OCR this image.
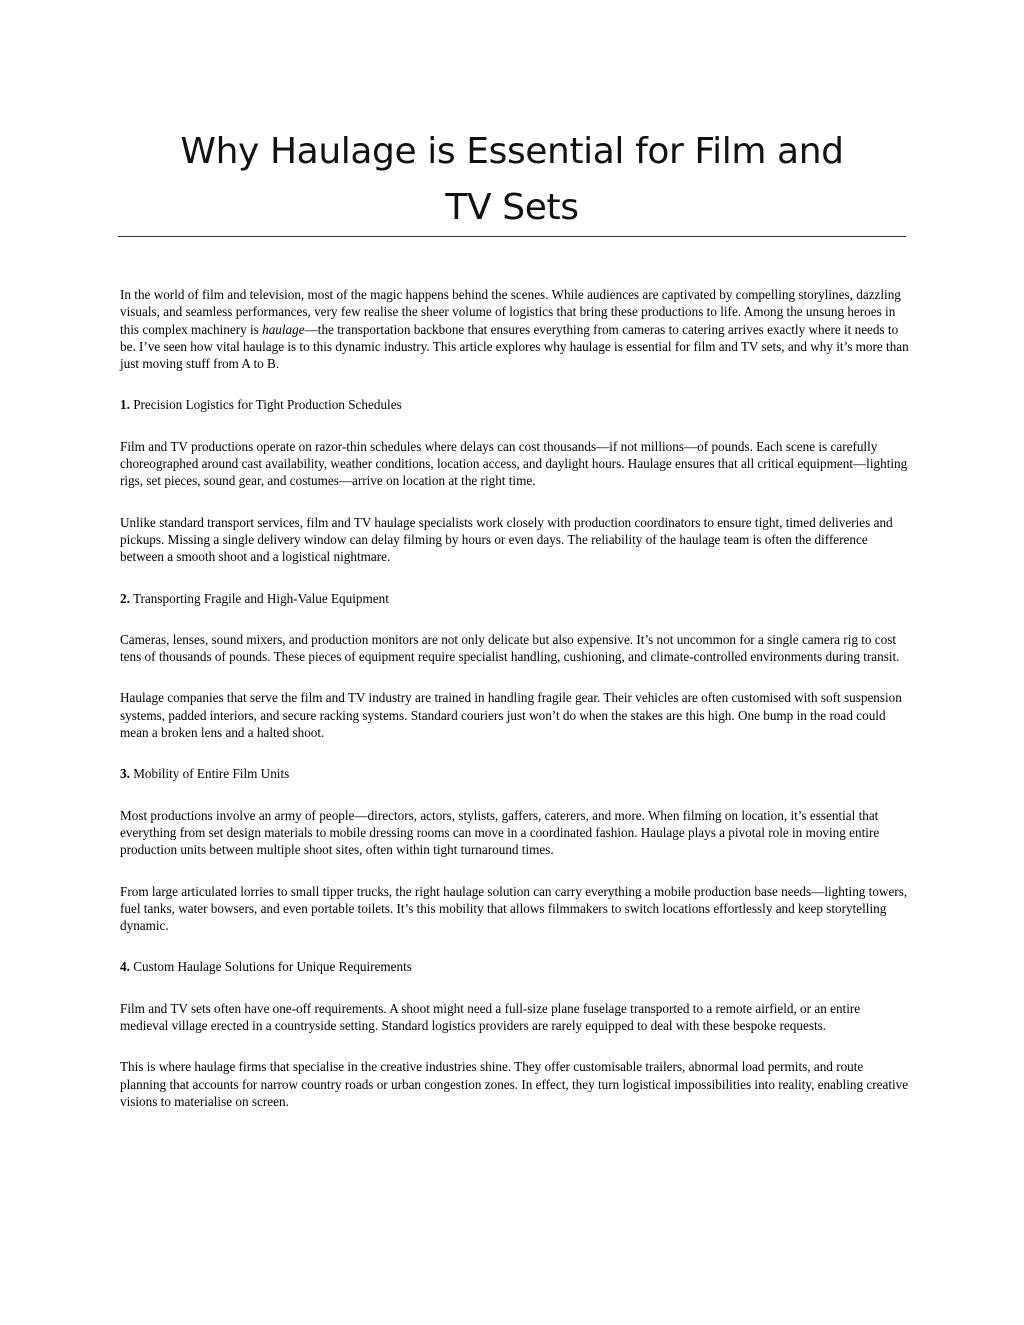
Why Haulage is Essential for Film and
TV Sets

In the world of film and television, most of the magic happens behind the scenes. While audiences are captivated by compelling storylines, dazzling visuals, and seamless performances, very few realise the sheer volume of logistics that bring these productions to life. Among the unsung heroes in this complex machinery is haulage—the transportation backbone that ensures everything from cameras to catering arrives exactly where it needs to be. I’ve seen how vital haulage is to this dynamic industry. This article explores why haulage is essential for film and TV sets, and why it’s more than just moving stuff from A to B.

1. Precision Logistics for Tight Production Schedules

Film and TV productions operate on razor-thin schedules where delays can cost thousands—if not millions—of pounds. Each scene is carefully choreographed around cast availability, weather conditions, location access, and daylight hours. Haulage ensures that all critical equipment—lighting rigs, set pieces, sound gear, and costumes—arrive on location at the right time.

Unlike standard transport services, film and TV haulage specialists work closely with production coordinators to ensure tight, timed deliveries and pickups. Missing a single delivery window can delay filming by hours or even days. The reliability of the haulage team is often the difference between a smooth shoot and a logistical nightmare.

2. Transporting Fragile and High-Value Equipment

Cameras, lenses, sound mixers, and production monitors are not only delicate but also expensive. It’s not uncommon for a single camera rig to cost tens of thousands of pounds. These pieces of equipment require specialist handling, cushioning, and climate-controlled environments during transit.

Haulage companies that serve the film and TV industry are trained in handling fragile gear. Their vehicles are often customised with soft suspension systems, padded interiors, and secure racking systems. Standard couriers just won’t do when the stakes are this high. One bump in the road could mean a broken lens and a halted shoot.

3. Mobility of Entire Film Units

Most productions involve an army of people—directors, actors, stylists, gaffers, caterers, and more. When filming on location, it’s essential that everything from set design materials to mobile dressing rooms can move in a coordinated fashion. Haulage plays a pivotal role in moving entire production units between multiple shoot sites, often within tight turnaround times.

From large articulated lorries to small tipper trucks, the right haulage solution can carry everything a mobile production base needs—lighting towers, fuel tanks, water bowsers, and even portable toilets. It’s this mobility that allows filmmakers to switch locations effortlessly and keep storytelling dynamic.

4. Custom Haulage Solutions for Unique Requirements

Film and TV sets often have one-off requirements. A shoot might need a full-size plane fuselage transported to a remote airfield, or an entire medieval village erected in a countryside setting. Standard logistics providers are rarely equipped to deal with these bespoke requests.

This is where haulage firms that specialise in the creative industries shine. They offer customisable trailers, abnormal load permits, and route planning that accounts for narrow country roads or urban congestion zones. In effect, they turn logistical impossibilities into reality, enabling creative visions to materialise on screen.
